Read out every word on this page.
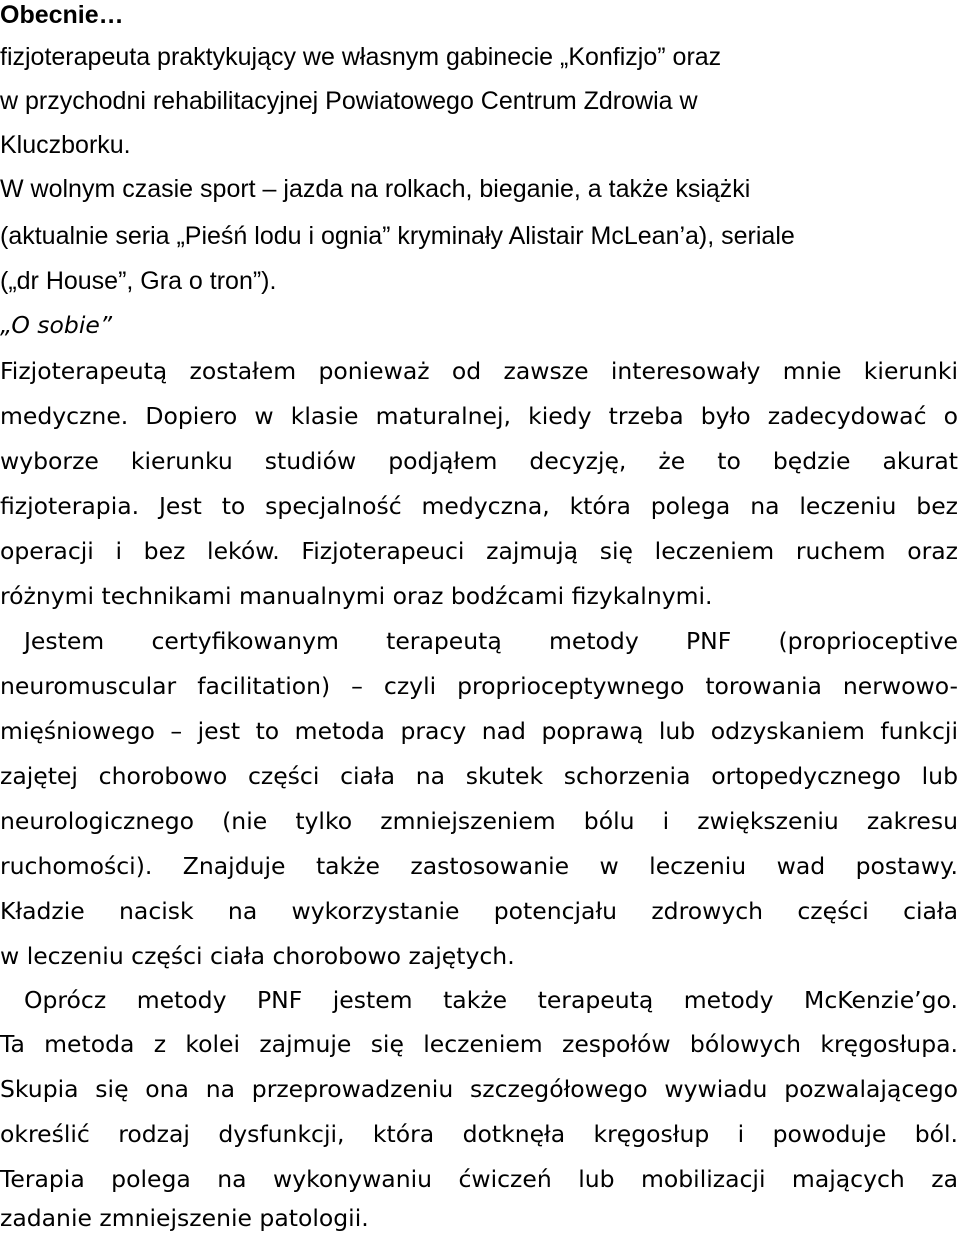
Obecnie…
fizjoterapeuta praktykujący we własnym gabinecie „Konfizjo” oraz
w przychodni rehabilitacyjnej Powiatowego Centrum Zdrowia w
Kluczborku.
W wolnym czasie sport – jazda na rolkach, bieganie, a także książki
(aktualnie seria „Pieśń lodu i ognia” kryminały Alistair McLean’a), seriale
(„dr House”, Gra o tron”).
„O sobie”
Fizjoterapeutą zostałem ponieważ od zawsze interesowały mnie kierunki
medyczne. Dopiero w klasie maturalnej, kiedy trzeba było zadecydować o
wyborze kierunku studiów podjąłem decyzję, że to będzie akurat
fizjoterapia. Jest to specjalność medyczna, która polega na leczeniu bez
operacji i bez leków. Fizjoterapeuci zajmują się leczeniem ruchem oraz
różnymi technikami manualnymi oraz bodźcami fizykalnymi.
Jestem certyfikowanym terapeutą metody PNF (proprioceptive
neuromuscular facilitation) – czyli proprioceptywnego torowania nerwowo-
mięśniowego – jest to metoda pracy nad poprawą lub odzyskaniem funkcji
zajętej chorobowo części ciała na skutek schorzenia ortopedycznego lub
neurologicznego (nie tylko zmniejszeniem bólu i zwiększeniu zakresu
ruchomości). Znajduje także zastosowanie w leczeniu wad postawy.
Kładzie nacisk na wykorzystanie potencjału zdrowych części ciała
w leczeniu części ciała chorobowo zajętych.
Oprócz metody PNF jestem także terapeutą metody McKenzie’go.
Ta metoda z kolei zajmuje się leczeniem zespołów bólowych kręgosłupa.
Skupia się ona na przeprowadzeniu szczegółowego wywiadu pozwalającego
określić rodzaj dysfunkcji, która dotknęła kręgosłup i powoduje ból.
Terapia polega na wykonywaniu ćwiczeń lub mobilizacji mających za
zadanie zmniejszenie patologii.
